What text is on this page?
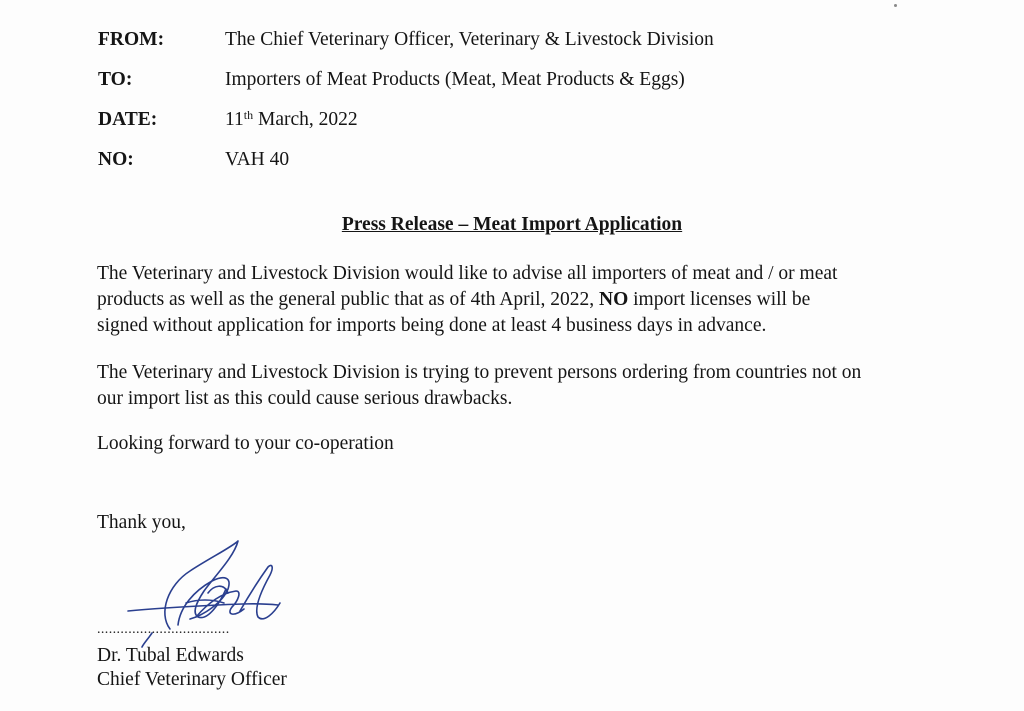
FROM:	The Chief Veterinary Officer, Veterinary & Livestock Division
TO:	Importers of Meat Products (Meat, Meat Products & Eggs)
DATE:	11th March, 2022
NO:	VAH 40
Press Release – Meat Import Application
The Veterinary and Livestock Division would like to advise all importers of meat and / or meat
products as well as the general public that as of 4th April, 2022, NO import licenses will be
signed without application for imports being done at least 4 business days in advance.
The Veterinary and Livestock Division is trying to prevent persons ordering from countries not on
our import list as this could cause serious drawbacks.
Looking forward to your co-operation
Thank you,
..................................
Dr. Tubal Edwards
Chief Veterinary Officer
